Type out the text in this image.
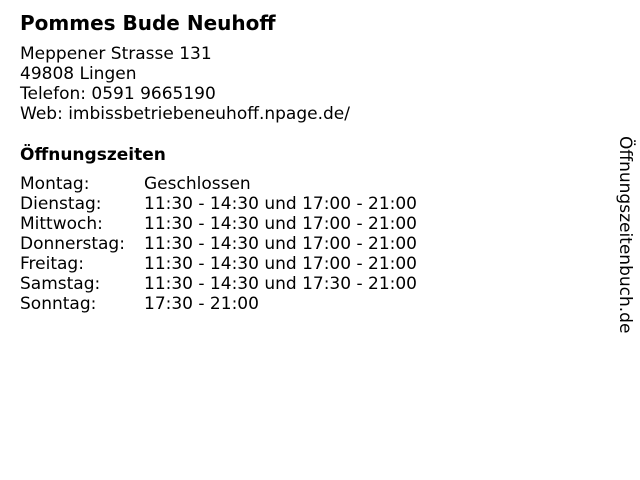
Pommes Bude Neuhoff
Meppener Strasse 131
49808 Lingen
Telefon: 0591 9665190
Web: imbissbetriebeneuhoff.npage.de/
Öffnungszeiten
Montag:	Geschlossen
Dienstag:	11:30 - 14:30 und 17:00 - 21:00
Mittwoch:	11:30 - 14:30 und 17:00 - 21:00
Donnerstag:	11:30 - 14:30 und 17:00 - 21:00
Freitag:	11:30 - 14:30 und 17:00 - 21:00
Samstag:	11:30 - 14:30 und 17:30 - 21:00
Sonntag:	17:30 - 21:00	Öffnungszeitenbuch.de
